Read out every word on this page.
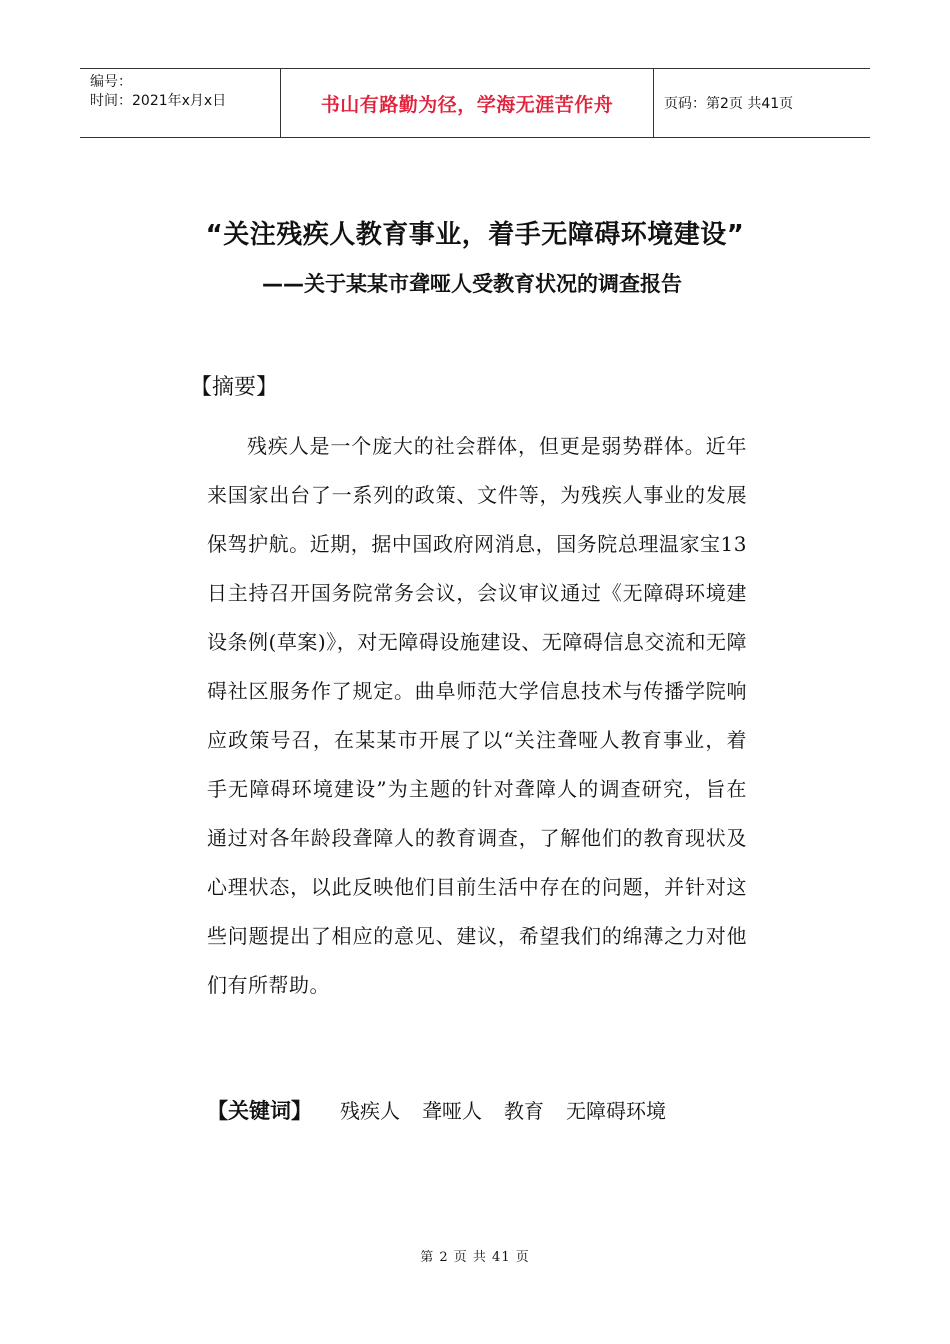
编号：
时间：2021年x月x日	书山有路勤为径，学海无涯苦作舟	页码：第2页 共41页
“关注残疾人教育事业，着手无障碍环境建设”
——关于某某市聋哑人受教育状况的调查报告
【摘要】

残疾人是一个庞大的社会群体，但更是弱势群体。近年来国家出台了一系列的政策、文件等，为残疾人事业的发展保驾护航。近期，据中国政府网消息，国务院总理温家宝13日主持召开国务院常务会议，会议审议通过《无障碍环境建设条例(草案)》，对无障碍设施建设、无障碍信息交流和无障碍社区服务作了规定。曲阜师范大学信息技术与传播学院响应政策号召，在某某市开展了以“关注聋哑人教育事业，着手无障碍环境建设”为主题的针对聋障人的调查研究，旨在通过对各年龄段聋障人的教育调查，了解他们的教育现状及心理状态，以此反映他们目前生活中存在的问题，并针对这些问题提出了相应的意见、建议，希望我们的绵薄之力对他们有所帮助。

【关键词】 残疾人 聋哑人 教育 无障碍环境
第 2 页 共 41 页
